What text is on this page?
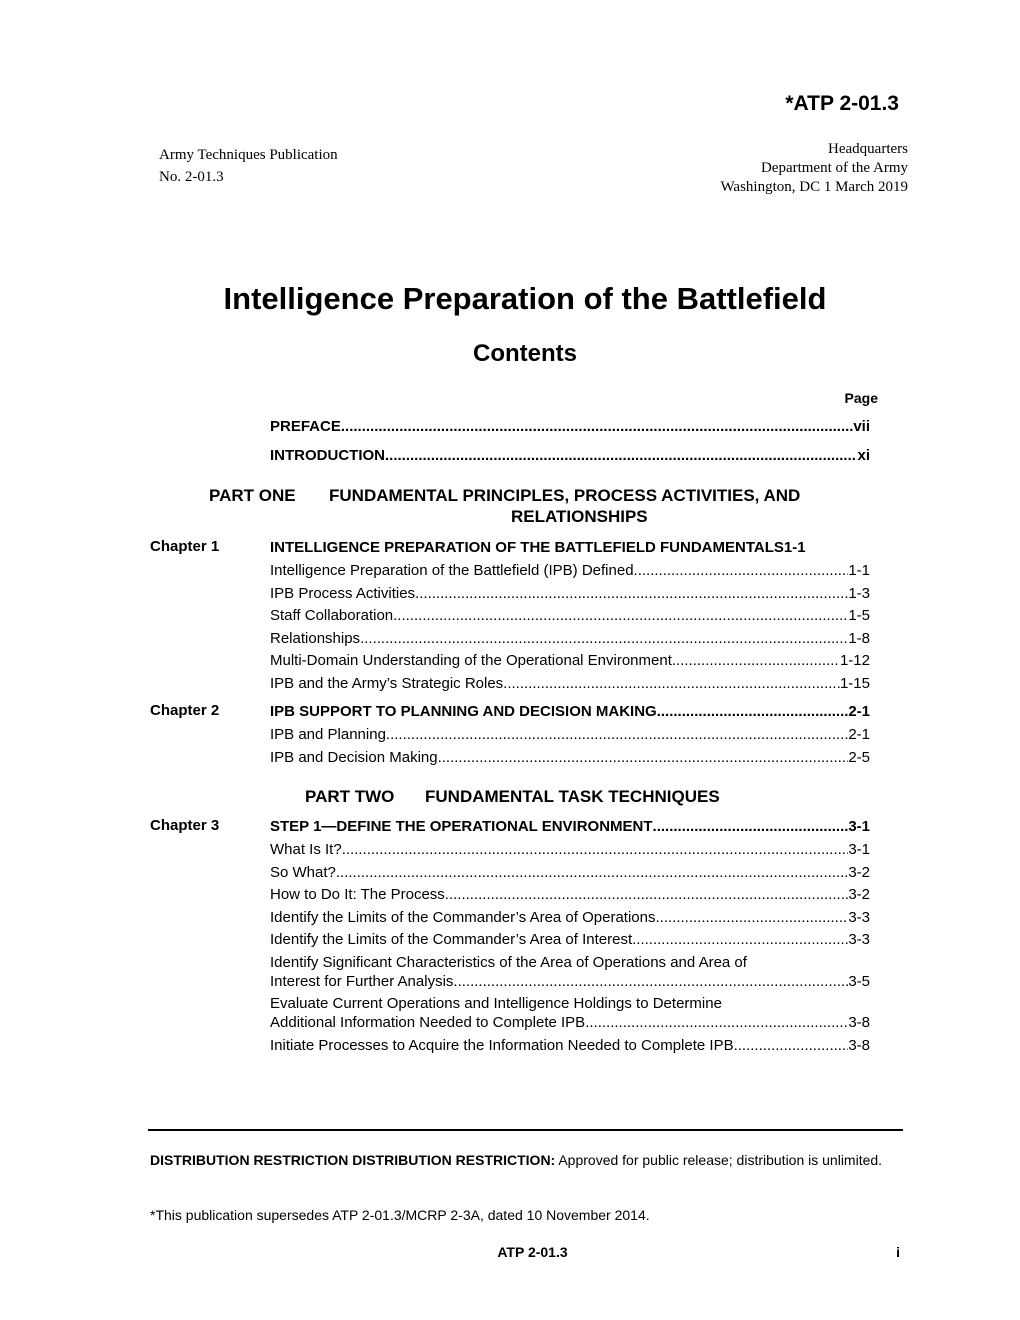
*ATP 2-01.3
Army Techniques Publication
No. 2-01.3
Headquarters
Department of the Army
Washington, DC 1 March 2019
Intelligence Preparation of the Battlefield
Contents
Page
PREFACE .....	vii
INTRODUCTION .....	xi
PART ONE FUNDAMENTAL PRINCIPLES, PROCESS ACTIVITIES, AND
RELATIONSHIPS
Chapter 1	INTELLIGENCE PREPARATION OF THE BATTLEFIELD FUNDAMENTALS 1-1
Intelligence Preparation of the Battlefield (IPB) Defined .....	1-1
IPB Process Activities .....	1-3
Staff Collaboration .....	1-5
Relationships .....	1-8
Multi-Domain Understanding of the Operational Environment .....	1-12
IPB and the Army’s Strategic Roles .....	1-15
Chapter 2	IPB SUPPORT TO PLANNING AND DECISION MAKING .....	2-1
IPB and Planning .....	2-1
IPB and Decision Making .....	2-5
PART TWO FUNDAMENTAL TASK TECHNIQUES
Chapter 3	STEP 1—DEFINE THE OPERATIONAL ENVIRONMENT .....	3-1
What Is It? .....	3-1
So What? .....	3-2
How to Do It: The Process .....	3-2
Identify the Limits of the Commander’s Area of Operations .....	3-3
Identify the Limits of the Commander’s Area of Interest .....	3-3
Identify Significant Characteristics of the Area of Operations and Area of
Interest for Further Analysis .....	3-5
Evaluate Current Operations and Intelligence Holdings to Determine
Additional Information Needed to Complete IPB .....	3-8
Initiate Processes to Acquire the Information Needed to Complete IPB .....	3-8
DISTRIBUTION RESTRICTION DISTRIBUTION RESTRICTION: Approved for public release; distribution is unlimited.
*This publication supersedes ATP 2-01.3/MCRP 2-3A, dated 10 November 2014.
ATP 2-01.3	i
